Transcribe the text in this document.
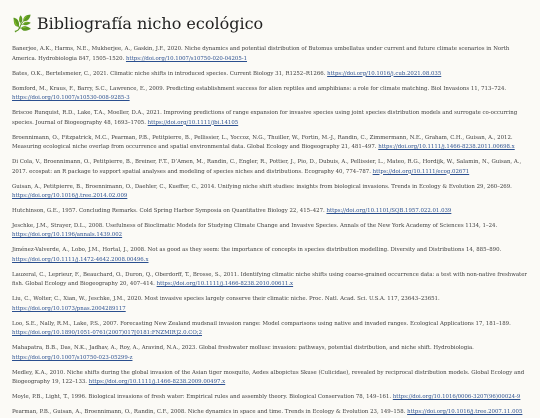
🌿 Bibliografía nicho ecológico

Banerjee, A.K., Harms, N.E., Mukherjee, A., Gaskin, J.F., 2020. Niche dynamics and potential distribution of Butomus umbellatus under current and future climate scenarios in North America. Hydrobiologia 847, 1505–1520. https://doi.org/10.1007/s10750-020-04205-1

Bates, O.K., Bertelsmeier, C., 2021. Climatic niche shifts in introduced species. Current Biology 31, R1252–R1266. https://doi.org/10.1016/j.cub.2021.08.035

Bomford, M., Kraus, F., Barry, S.C., Lawrence, E., 2009. Predicting establishment success for alien reptiles and amphibians: a role for climate matching. Biol Invasions 11, 713–724. https://doi.org/10.1007/s10530-008-9285-3

Briscoe Runquist, R.D., Lake, T.A., Moeller, D.A., 2021. Improving predictions of range expansion for invasive species using joint species distribution models and surrogate co-occurring species. Journal of Biogeography 48, 1693–1705. https://doi.org/10.1111/jbi.14105

Broennimann, O., Fitzpatrick, M.C., Pearman, P.B., Petitpierre, B., Pellissier, L., Yoccoz, N.G., Thuiller, W., Fortin, M.-J., Randin, C., Zimmermann, N.E., Graham, C.H., Guisan, A., 2012. Measuring ecological niche overlap from occurrence and spatial environmental data. Global Ecology and Biogeography 21, 481–497. https://doi.org/10.1111/j.1466-8238.2011.00698.x

Di Cola, V., Broennimann, O., Petitpierre, B., Breiner, F.T., D’Amen, M., Randin, C., Engler, R., Pottier, J., Pio, D., Dubuis, A., Pellissier, L., Mateo, R.G., Hordijk, W., Salamin, N., Guisan, A., 2017. ecospat: an R package to support spatial analyses and modeling of species niches and distributions. Ecography 40, 774–787. https://doi.org/10.1111/ecog.02671

Guisan, A., Petitpierre, B., Broennimann, O., Daehler, C., Kueffer, C., 2014. Unifying niche shift studies: insights from biological invasions. Trends in Ecology & Evolution 29, 260–269. https://doi.org/10.1016/j.tree.2014.02.009

Hutchinson, G.E., 1957. Concluding Remarks. Cold Spring Harbor Symposia on Quantitative Biology 22, 415–427. https://doi.org/10.1101/SQB.1957.022.01.039

Jeschke, J.M., Strayer, D.L., 2008. Usefulness of Bioclimatic Models for Studying Climate Change and Invasive Species. Annals of the New York Academy of Sciences 1134, 1–24. https://doi.org/10.1196/annals.1439.002

Jiménez-Valverde, A., Lobo, J.M., Hortal, J., 2008. Not as good as they seem: the importance of concepts in species distribution modelling. Diversity and Distributions 14, 885–890. https://doi.org/10.1111/j.1472-4642.2008.00496.x

Lauzeral, C., Leprieur, F., Beauchard, O., Duron, Q., Oberdorff, T., Brosse, S., 2011. Identifying climatic niche shifts using coarse-grained occurrence data: a test with non-native freshwater fish. Global Ecology and Biogeography 20, 407–414. https://doi.org/10.1111/j.1466-8238.2010.00611.x

Liu, C., Wolter, C., Xian, W., Jeschke, J.M., 2020. Most invasive species largely conserve their climatic niche. Proc. Natl. Acad. Sci. U.S.A. 117, 23643–23651. https://doi.org/10.1073/pnas.2004289117

Loo, S.E., Nally, R.M., Lake, P.S., 2007. Forecasting New Zealand mudsnail invasion range: Model comparisons using native and invaded ranges. Ecological Applications 17, 181–189. https://doi.org/10.1890/1051-0761(2007)017[0181:FNZMIR]2.0.CO;2

Mahapatra, B.B., Das, N.K., Jadhav, A., Roy, A., Aravind, N.A., 2023. Global freshwater mollusc invasion: pathways, potential distribution, and niche shift. Hydrobiologia. https://doi.org/10.1007/s10750-023-05299-z

Medley, K.A., 2010. Niche shifts during the global invasion of the Asian tiger mosquito, Aedes albopictus Skuse (Culicidae), revealed by reciprocal distribution models. Global Ecology and Biogeography 19, 122–133. https://doi.org/10.1111/j.1466-8238.2009.00497.x

Moyle, P.B., Light, T., 1996. Biological invasions of fresh water: Empirical rules and assembly theory. Biological Conservation 78, 149–161. https://doi.org/10.1016/0006-3207(96)00024-9

Pearman, P.B., Guisan, A., Broennimann, O., Randin, C.F., 2008. Niche dynamics in space and time. Trends in Ecology & Evolution 23, 149–158. https://doi.org/10.1016/j.tree.2007.11.005
